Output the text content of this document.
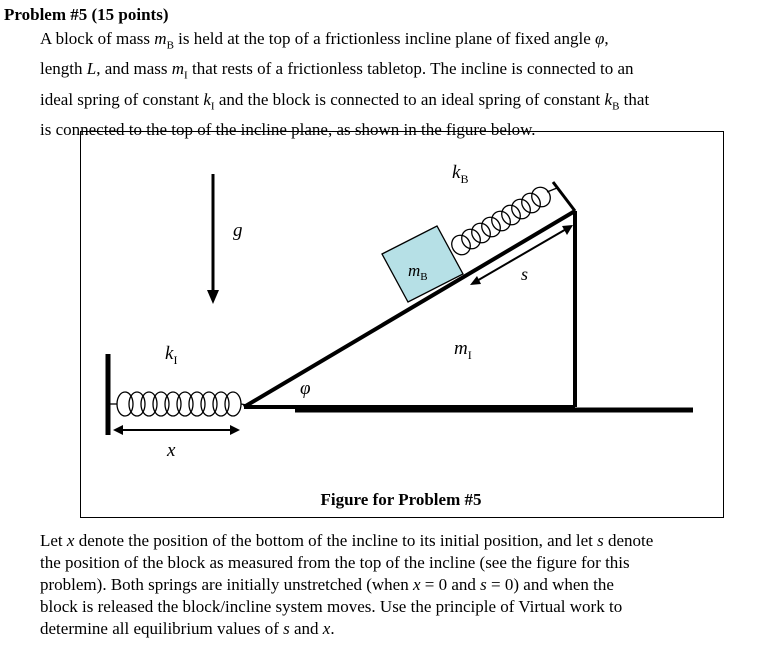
Problem #5 (15 points)
A block of mass $m_B$ is held at the top of a frictionless incline plane of fixed angle φ,
length L, and mass $m_I$ that rests of a frictionless tabletop. The incline is connected to an
ideal spring of constant $k_I$ and the block is connected to an ideal spring of constant $k_B$ that
is connected to the top of the incline plane, as shown in the figure below.
g
$k_I$
x
φ
$m_B$
$k_B$
s
$m_I$
Figure for Problem #5
Let x denote the position of the bottom of the incline to its initial position, and let s denote
the position of the block as measured from the top of the incline (see the figure for this
problem). Both springs are initially unstretched (when x = 0 and s = 0) and when the
block is released the block/incline system moves. Use the principle of Virtual work to
determine all equilibrium values of s and x.
